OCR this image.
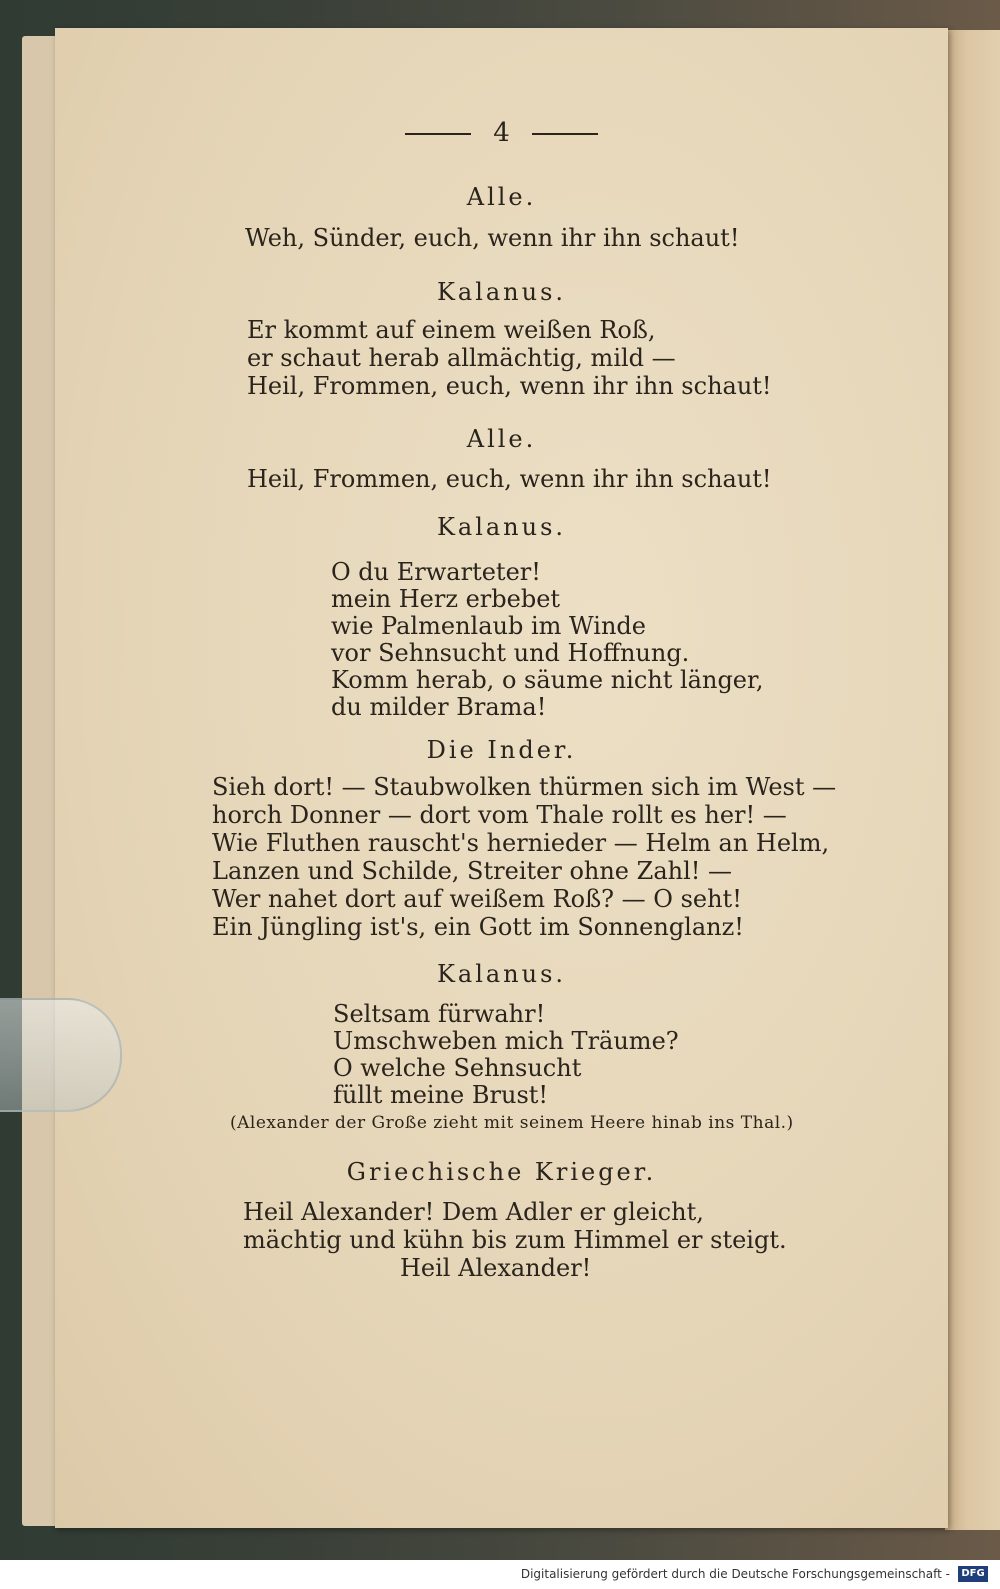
4
Alle.
Weh, Sünder, euch, wenn ihr ihn schaut!
Kalanus.
Er kommt auf einem weißen Roß,
er schaut herab allmächtig, mild —
Heil, Frommen, euch, wenn ihr ihn schaut!
Alle.
Heil, Frommen, euch, wenn ihr ihn schaut!
Kalanus.
O du Erwarteter!
mein Herz erbebet
wie Palmenlaub im Winde
vor Sehnsucht und Hoffnung.
Komm herab, o säume nicht länger,
du milder Brama!
Die Inder.
Sieh dort! — Staubwolken thürmen sich im West —
horch Donner — dort vom Thale rollt es her! —
Wie Fluthen rauscht's hernieder — Helm an Helm,
Lanzen und Schilde, Streiter ohne Zahl! —
Wer nahet dort auf weißem Roß? — O seht!
Ein Jüngling ist's, ein Gott im Sonnenglanz!
Kalanus.
Seltsam fürwahr!
Umschweben mich Träume?
O welche Sehnsucht
füllt meine Brust!
(Alexander der Große zieht mit seinem Heere hinab ins Thal.)
Griechische Krieger.
Heil Alexander! Dem Adler er gleicht,
mächtig und kühn bis zum Himmel er steigt.
Heil Alexander!
Digitalisierung gefördert durch die Deutsche Forschungsgemeinschaft -	DFG
